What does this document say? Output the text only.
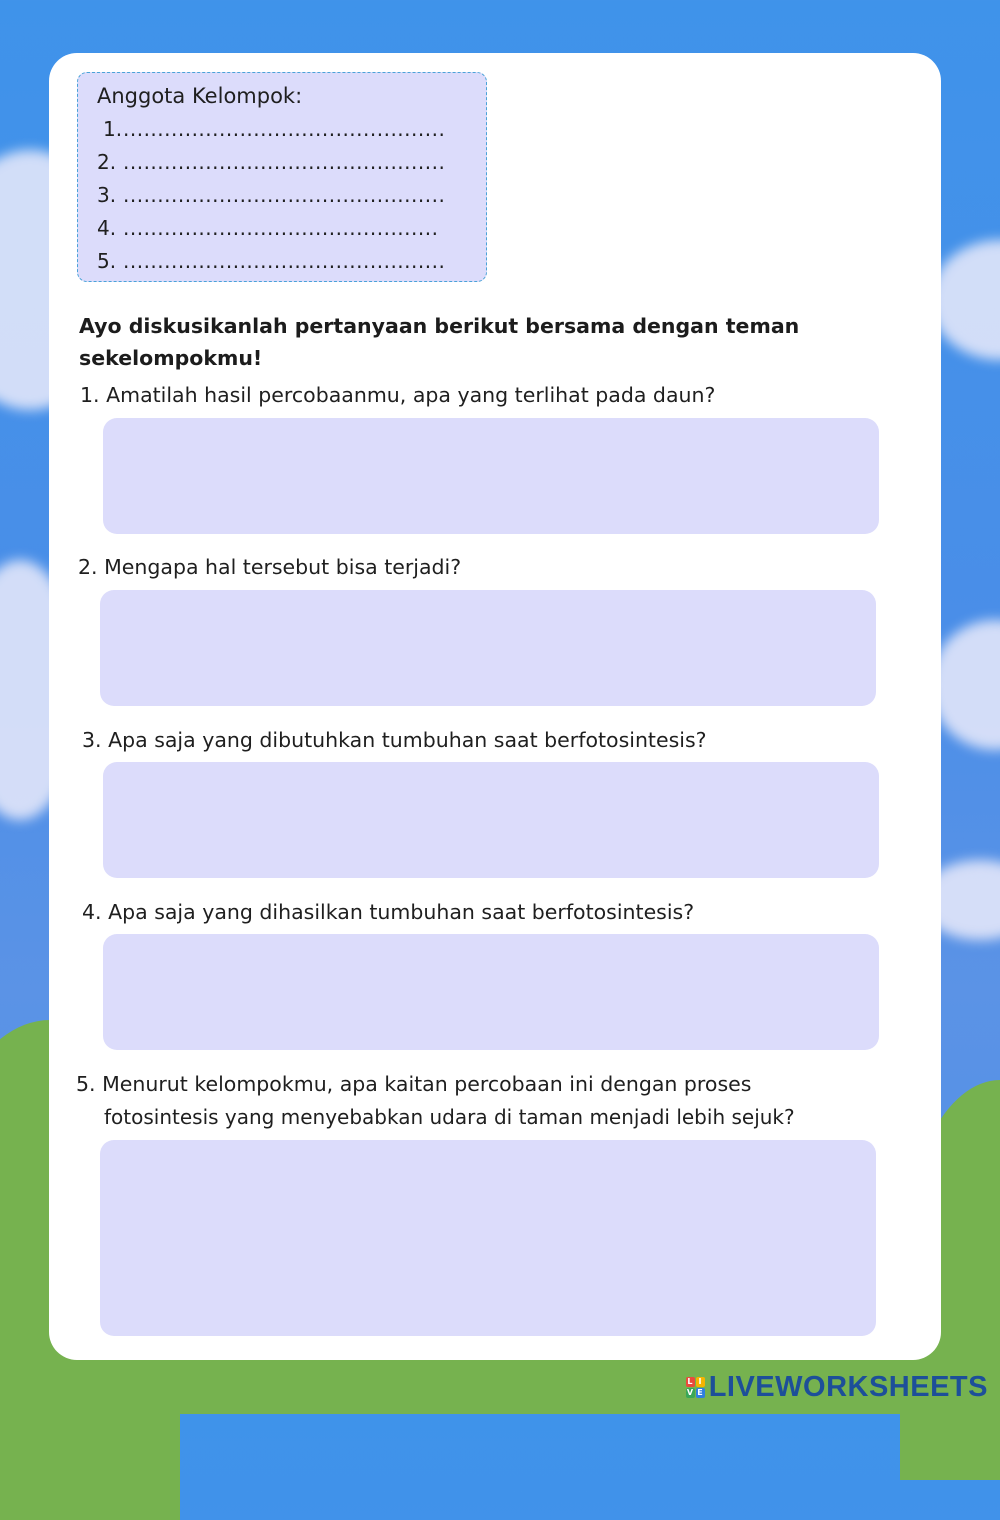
Anggota Kelompok:
1................................................
2. ...............................................
3. ...............................................
4. ..............................................
5. ...............................................
Ayo diskusikanlah pertanyaan berikut bersama dengan teman sekelompokmu!
1. Amatilah hasil percobaanmu, apa yang terlihat pada daun?
2. Mengapa hal tersebut bisa terjadi?
3. Apa saja yang dibutuhkan tumbuhan saat berfotosintesis?
4. Apa saja yang dihasilkan tumbuhan saat berfotosintesis?
5. Menurut kelompokmu, apa kaitan percobaan ini dengan proses
fotosintesis yang menyebabkan udara di taman menjadi lebih sejuk?
L I
V E LIVEWORKSHEETS
